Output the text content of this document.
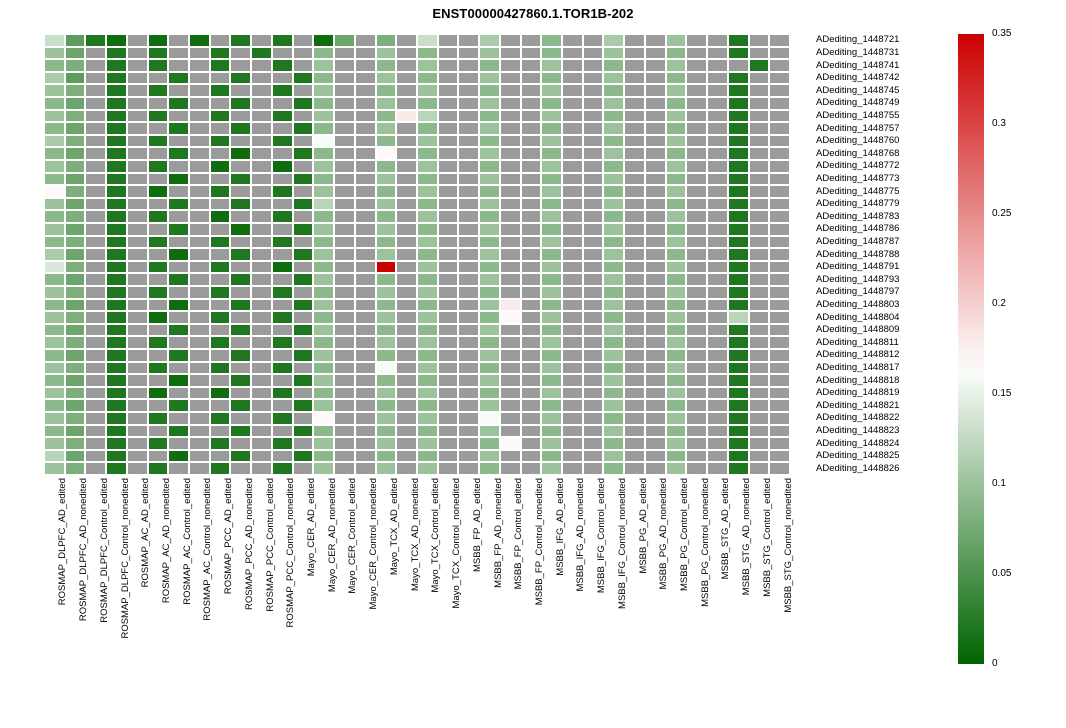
ENST00000427860.1.TOR1B-202
ADediting_1448721
ADediting_1448731
ADediting_1448741
ADediting_1448742
ADediting_1448745
ADediting_1448749
ADediting_1448755
ADediting_1448757
ADediting_1448760
ADediting_1448768
ADediting_1448772
ADediting_1448773
ADediting_1448775
ADediting_1448779
ADediting_1448783
ADediting_1448786
ADediting_1448787
ADediting_1448788
ADediting_1448791
ADediting_1448793
ADediting_1448797
ADediting_1448803
ADediting_1448804
ADediting_1448809
ADediting_1448811
ADediting_1448812
ADediting_1448817
ADediting_1448818
ADediting_1448819
ADediting_1448821
ADediting_1448822
ADediting_1448823
ADediting_1448824
ADediting_1448825
ADediting_1448826
ROSMAP_DLPFC_AD_edited ROSMAP_DLPFC_AD_nonedited ROSMAP_DLPFC_Control_edited ROSMAP_DLPFC_Control_nonedited ROSMAP_AC_AD_edited ROSMAP_AC_AD_nonedited ROSMAP_AC_Control_edited ROSMAP_AC_Control_nonedited ROSMAP_PCC_AD_edited ROSMAP_PCC_AD_nonedited ROSMAP_PCC_Control_edited ROSMAP_PCC_Control_nonedited Mayo_CER_AD_edited Mayo_CER_AD_nonedited Mayo_CER_Control_edited Mayo_CER_Control_nonedited Mayo_TCX_AD_edited Mayo_TCX_AD_nonedited Mayo_TCX_Control_edited Mayo_TCX_Control_nonedited MSBB_FP_AD_edited MSBB_FP_AD_nonedited MSBB_FP_Control_edited MSBB_FP_Control_nonedited MSBB_IFG_AD_edited MSBB_IFG_AD_nonedited MSBB_IFG_Control_edited MSBB_IFG_Control_nonedited MSBB_PG_AD_edited MSBB_PG_AD_nonedited MSBB_PG_Control_edited MSBB_PG_Control_nonedited MSBB_STG_AD_edited MSBB_STG_AD_nonedited MSBB_STG_Control_edited MSBB_STG_Control_nonedited
0
0.05
0.1
0.15
0.2
0.25
0.3
0.35
